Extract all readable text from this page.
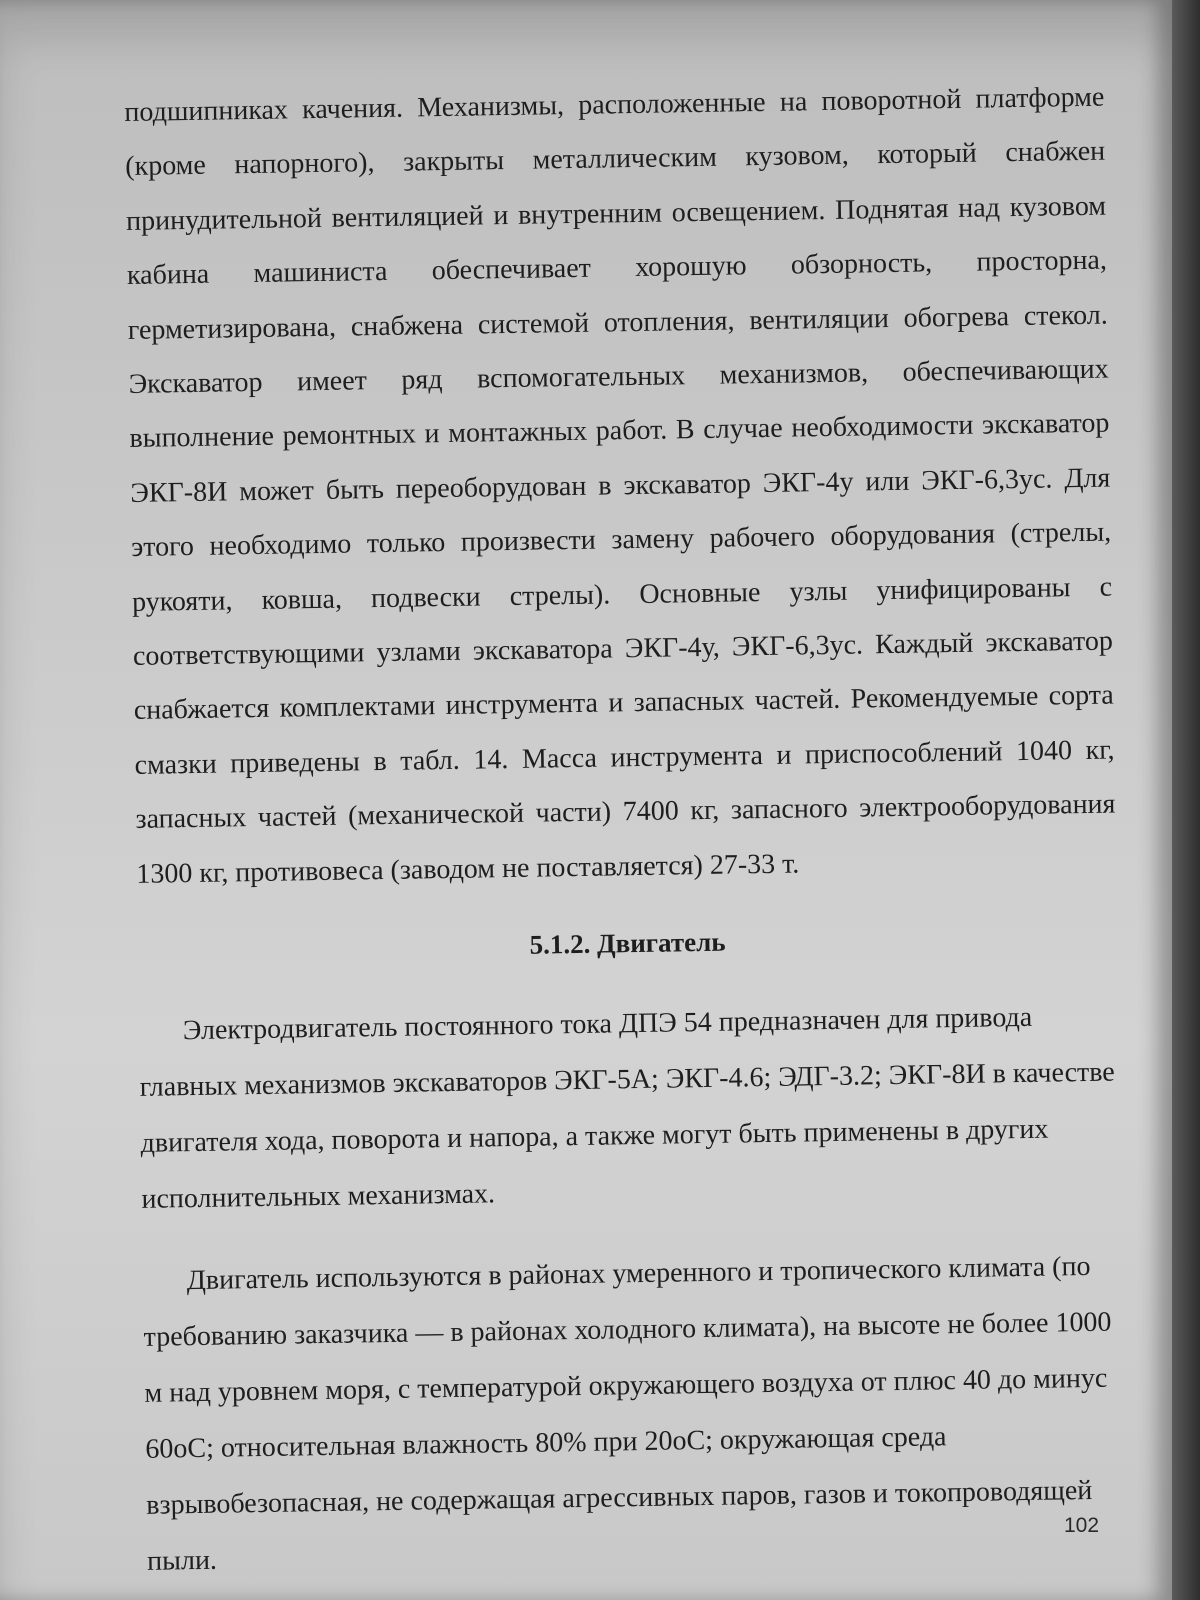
подшипниках качения. Механизмы, расположенные на поворотной платформе (кроме напорного), закрыты металлическим кузовом, который снабжен принудительной вентиляцией и внутренним освещением. Поднятая над кузовом кабина машиниста обеспечивает хорошую обзорность, просторна, герметизирована, снабжена системой отопления, вентиляции обогрева стекол. Экскаватор имеет ряд вспомогательных механизмов, обеспечивающих выполнение ремонтных и монтажных работ. В случае необходимости экскаватор ЭКГ-8И может быть переоборудован в экскаватор ЭКГ-4у или ЭКГ-6,3ус. Для этого необходимо только произвести замену рабочего оборудования (стрелы, рукояти, ковша, подвески стрелы). Основные узлы унифицированы с соответствующими узлами экскаватора ЭКГ-4у, ЭКГ-6,3ус. Каждый экскаватор снабжается комплектами инструмента и запасных частей. Рекомендуемые сорта смазки приведены в табл. 14. Масса инструмента и приспособлений 1040 кг, запасных частей (механической части) 7400 кг, запасного электрооборудования 1300 кг, противовеса (заводом не поставляется) 27-33 т.

5.1.2. Двигатель

Электродвигатель постоянного тока ДПЭ 54 предназначен для привода главных механизмов экскаваторов ЭКГ-5А; ЭКГ-4.6; ЭДГ-3.2; ЭКГ-8И в качестве двигателя хода, поворота и напора, а также могут быть применены в других исполнительных механизмах.

Двигатель используются в районах умеренного и тропического климата (по требованию заказчика — в районах холодного климата), на высоте не более 1000 м над уровнем моря, с температурой окружающего воздуха от плюс 40 до минус 60оС; относительная влажность 80% при 20оС; окружающая среда взрывобезопасная, не содержащая агрессивных паров, газов и токопроводящей пыли.

102
